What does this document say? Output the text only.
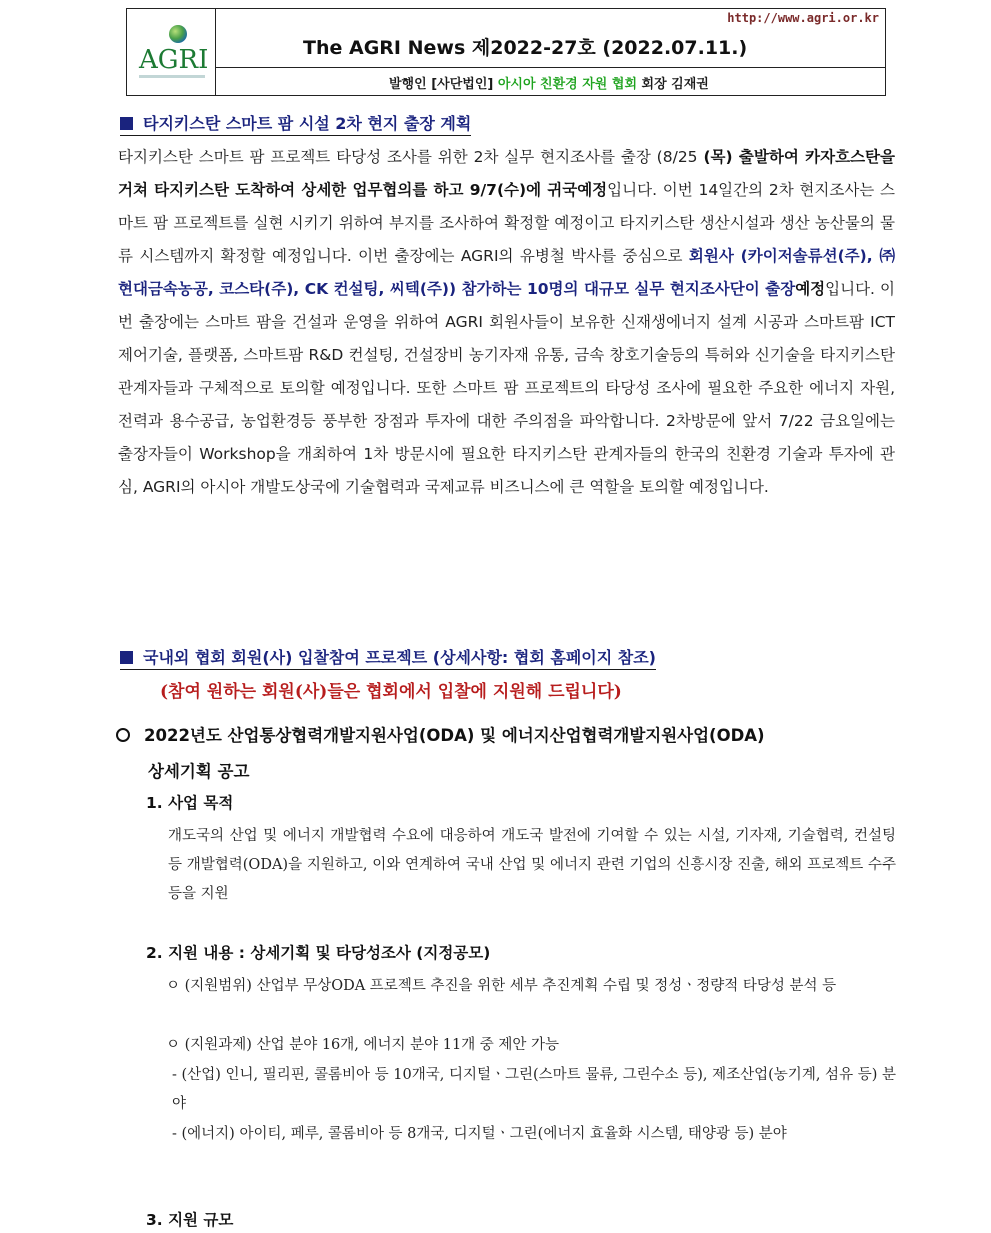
AGRI
http://www.agri.or.kr
The AGRI News 제2022-27호 (2022.07.11.)
발행인 [사단법인] 아시아 친환경 자원 협회 회장 김재권
타지키스탄 스마트 팜 시설 2차 현지 출장 계획
타지키스탄 스마트 팜 프로젝트 타당성 조사를 위한 2차 실무 현지조사를 출장 (8/25 (목) 출발하여 카자흐스탄을 거쳐 타지키스탄 도착하여 상세한 업무협의를 하고 9/7(수)에 귀국예정입니다. 이번 14일간의 2차 현지조사는 스마트 팜 프로젝트를 실현 시키기 위하여 부지를 조사하여 확정할 예정이고 타지키스탄 생산시설과 생산 농산물의 물류 시스템까지 확정할 예정입니다. 이번 출장에는 AGRI의 유병철 박사를 중심으로 회원사 (카이저솔류션(주), ㈜ 현대금속농공, 코스타(주), CK 컨설팅, 씨텍(주)) 참가하는 10명의 대규모 실무 현지조사단이 출장예정입니다. 이번 출장에는 스마트 팜을 건설과 운영을 위하여 AGRI 회원사들이 보유한 신재생에너지 설계 시공과 스마트팜 ICT 제어기술, 플랫폼, 스마트팜 R&D 컨설팅, 건설장비 농기자재 유통, 금속 창호기술등의 특허와 신기술을 타지키스탄 관계자들과 구체적으로 토의할 예정입니다. 또한 스마트 팜 프로젝트의 타당성 조사에 필요한 주요한 에너지 자원, 전력과 용수공급, 농업환경등 풍부한 장점과 투자에 대한 주의점을 파악합니다. 2차방문에 앞서 7/22 금요일에는 출장자들이 Workshop을 개최하여 1차 방문시에 필요한 타지키스탄 관계자들의 한국의 친환경 기술과 투자에 관심, AGRI의 아시아 개발도상국에 기술협력과 국제교류 비즈니스에 큰 역할을 토의할 예정입니다.
국내외 협회 회원(사) 입찰참여 프로젝트 (상세사항: 협회 홈페이지 참조)
(참여 원하는 회원(사)들은 협회에서 입찰에 지원해 드립니다)
2022년도 산업통상협력개발지원사업(ODA) 및 에너지산업협력개발지원사업(ODA)
상세기획 공고
1. 사업 목적
개도국의 산업 및 에너지 개발협력 수요에 대응하여 개도국 발전에 기여할 수 있는 시설, 기자재, 기술협력, 컨설팅 등 개발협력(ODA)을 지원하고, 이와 연계하여 국내 산업 및 에너지 관련 기업의 신흥시장 진출, 해외 프로젝트 수주 등을 지원
2. 지원 내용 : 상세기획 및 타당성조사 (지정공모)
ㅇ (지원범위) 산업부 무상ODA 프로젝트 추진을 위한 세부 추진계획 수립 및 정성ㆍ정량적 타당성 분석 등
ㅇ (지원과제) 산업 분야 16개, 에너지 분야 11개 중 제안 가능
- (산업) 인니, 필리핀, 콜롬비아 등 10개국, 디지털ㆍ그린(스마트 물류, 그린수소 등), 제조산업(농기계, 섬유 등) 분야
- (에너지) 아이티, 페루, 콜롬비아 등 8개국, 디지털ㆍ그린(에너지 효율화 시스템, 태양광 등) 분야
3. 지원 규모
